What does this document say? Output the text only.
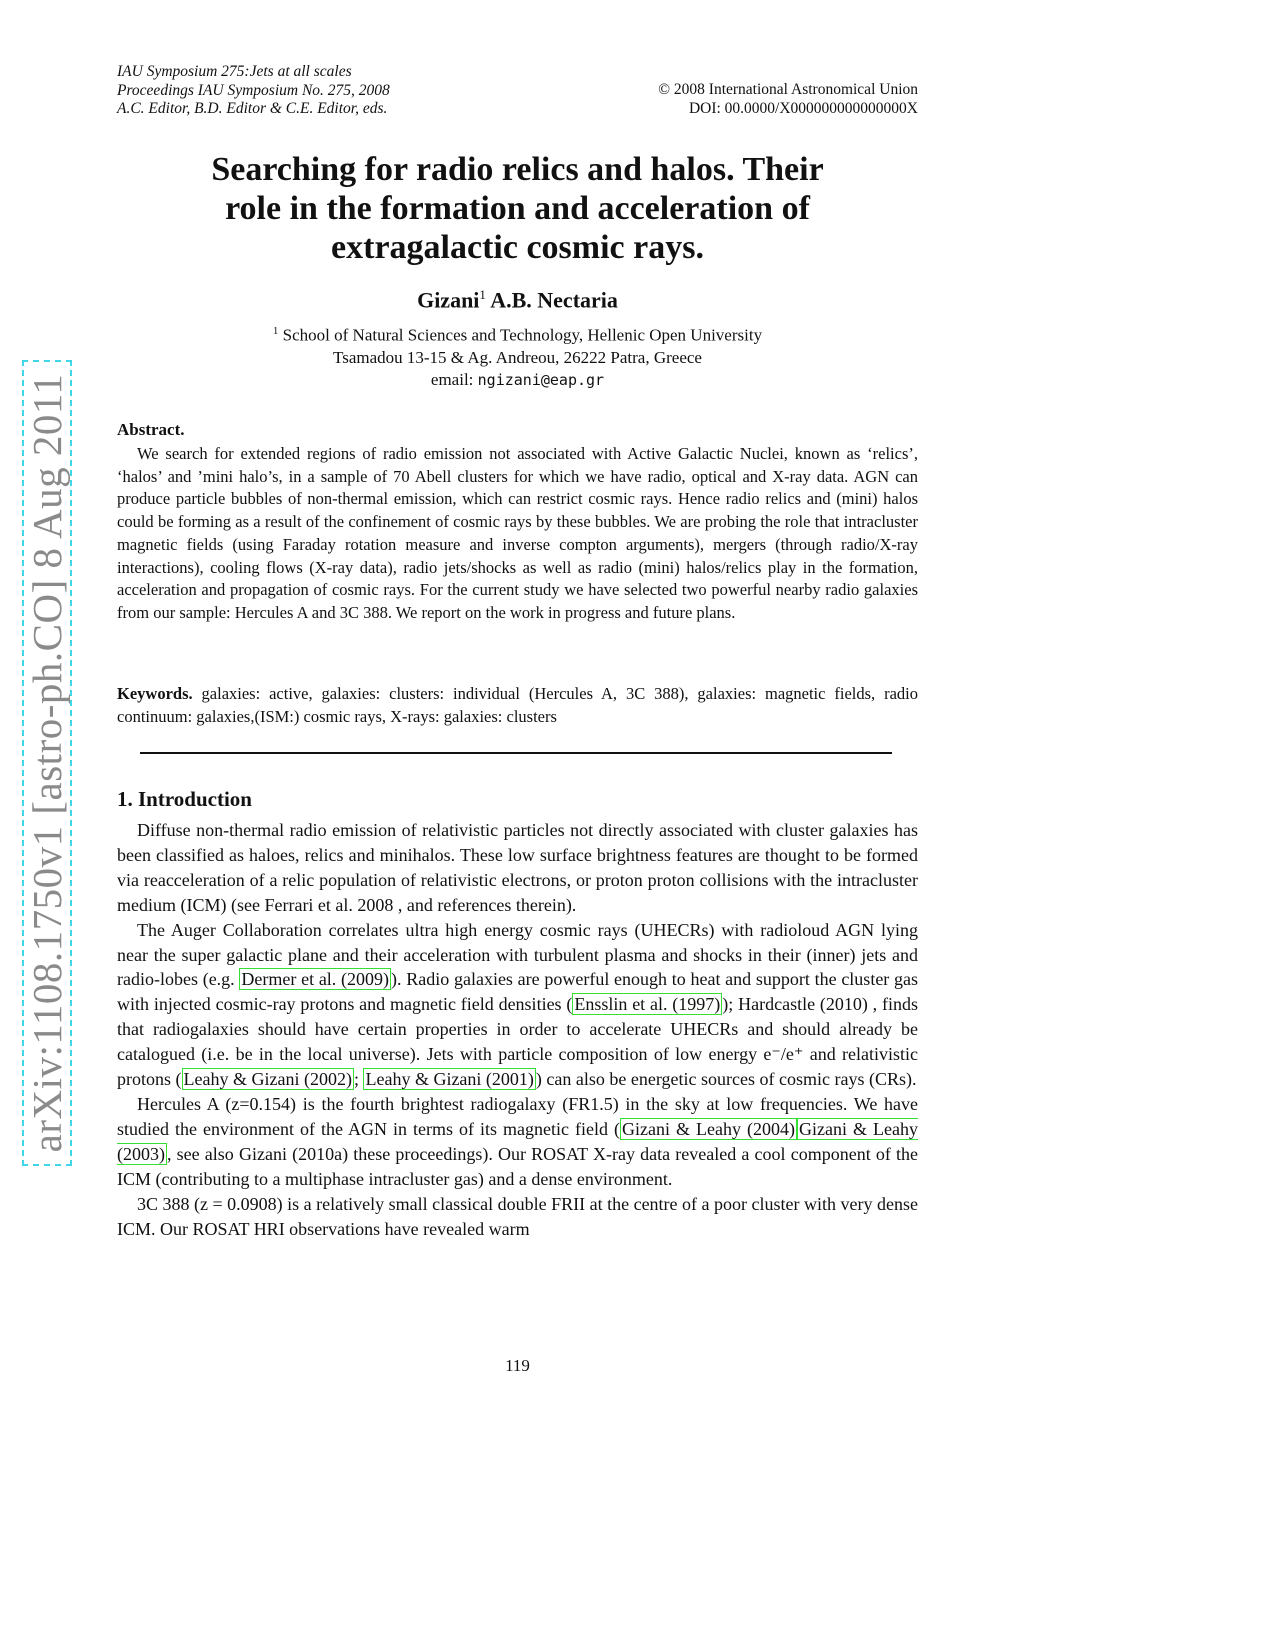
arXiv:1108.1750v1 [astro-ph.CO] 8 Aug 2011
IAU Symposium 275:Jets at all scales
Proceedings IAU Symposium No. 275, 2008
A.C. Editor, B.D. Editor & C.E. Editor, eds.
© 2008 International Astronomical Union
DOI: 00.0000/X000000000000000X
Searching for radio relics and halos. Their
role in the formation and acceleration of
extragalactic cosmic rays.
Gizani$^1$ A.B. Nectaria
$^1$ School of Natural Sciences and Technology, Hellenic Open University
Tsamadou 13-15 & Ag. Andreou, 26222 Patra, Greece
email: ngizani@eap.gr
Abstract.
We search for extended regions of radio emission not associated with Active Galactic Nuclei, known as ‘relics’, ‘halos’ and ’mini halo’s, in a sample of 70 Abell clusters for which we have radio, optical and X-ray data. AGN can produce particle bubbles of non-thermal emission, which can restrict cosmic rays. Hence radio relics and (mini) halos could be forming as a result of the confinement of cosmic rays by these bubbles. We are probing the role that intracluster magnetic fields (using Faraday rotation measure and inverse compton arguments), mergers (through radio/X-ray interactions), cooling flows (X-ray data), radio jets/shocks as well as radio (mini) halos/relics play in the formation, acceleration and propagation of cosmic rays. For the current study we have selected two powerful nearby radio galaxies from our sample: Hercules A and 3C 388. We report on the work in progress and future plans.
Keywords. galaxies: active, galaxies: clusters: individual (Hercules A, 3C 388), galaxies: magnetic fields, radio continuum: galaxies,(ISM:) cosmic rays, X-rays: galaxies: clusters
1. Introduction

Diffuse non-thermal radio emission of relativistic particles not directly associated with cluster galaxies has been classified as haloes, relics and minihalos. These low surface brightness features are thought to be formed via reacceleration of a relic population of relativistic electrons, or proton proton collisions with the intracluster medium (ICM) (see Ferrari et al. 2008 , and references therein).

The Auger Collaboration correlates ultra high energy cosmic rays (UHECRs) with radioloud AGN lying near the super galactic plane and their acceleration with turbulent plasma and shocks in their (inner) jets and radio-lobes (e.g. Dermer et al. (2009) ). Radio galaxies are powerful enough to heat and support the cluster gas with injected cosmic-ray protons and magnetic field densities ( Ensslin et al. (1997) ); Hardcastle (2010) , finds that radiogalaxies should have certain properties in order to accelerate UHECRs and should already be catalogued (i.e. be in the local universe). Jets with particle composition of low energy e⁻/e⁺ and relativistic protons ( Leahy & Gizani (2002) ; Leahy & Gizani (2001) ) can also be energetic sources of cosmic rays (CRs).

Hercules A (z=0.154) is the fourth brightest radiogalaxy (FR1.5) in the sky at low frequencies. We have studied the environment of the AGN in terms of its magnetic field ( Gizani & Leahy (2004) Gizani & Leahy (2003) , see also Gizani (2010a) these proceedings). Our ROSAT X-ray data revealed a cool component of the ICM (contributing to a multiphase intracluster gas) and a dense environment.

3C 388 (z = 0.0908) is a relatively small classical double FRII at the centre of a poor cluster with very dense ICM. Our ROSAT HRI observations have revealed warm

119
